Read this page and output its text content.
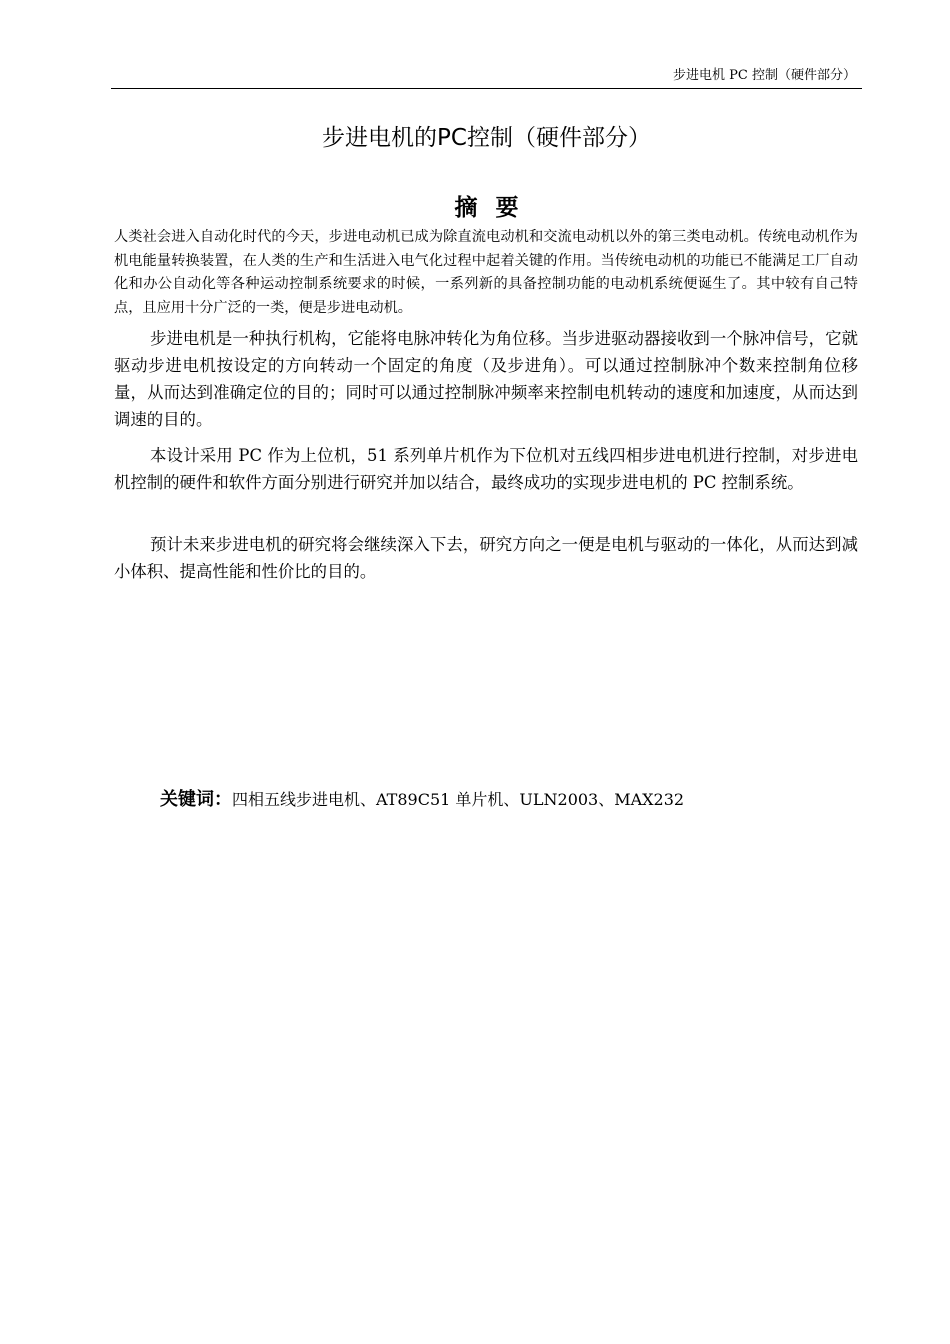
步进电机 PC 控制（硬件部分）
步进电机的PC控制（硬件部分）
摘要

人类社会进入自动化时代的今天，步进电动机已成为除直流电动机和交流电动机以外的第三类电动机。传统电动机作为机电能量转换装置，在人类的生产和生活进入电气化过程中起着关键的作用。当传统电动机的功能已不能满足工厂自动化和办公自动化等各种运动控制系统要求的时候，一系列新的具备控制功能的电动机系统便诞生了。其中较有自己特点，且应用十分广泛的一类，便是步进电动机。

步进电机是一种执行机构，它能将电脉冲转化为角位移。当步进驱动器接收到一个脉冲信号，它就驱动步进电机按设定的方向转动一个固定的角度（及步进角）。可以通过控制脉冲个数来控制角位移量，从而达到准确定位的目的；同时可以通过控制脉冲频率来控制电机转动的速度和加速度，从而达到调速的目的。

本设计采用 PC 作为上位机，51 系列单片机作为下位机对五线四相步进电机进行控制，对步进电机控制的硬件和软件方面分别进行研究并加以结合，最终成功的实现步进电机的 PC 控制系统。

预计未来步进电机的研究将会继续深入下去，研究方向之一便是电机与驱动的一体化，从而达到减小体积、提高性能和性价比的目的。

关键词：四相五线步进电机、AT89C51 单片机、ULN2003、MAX232
